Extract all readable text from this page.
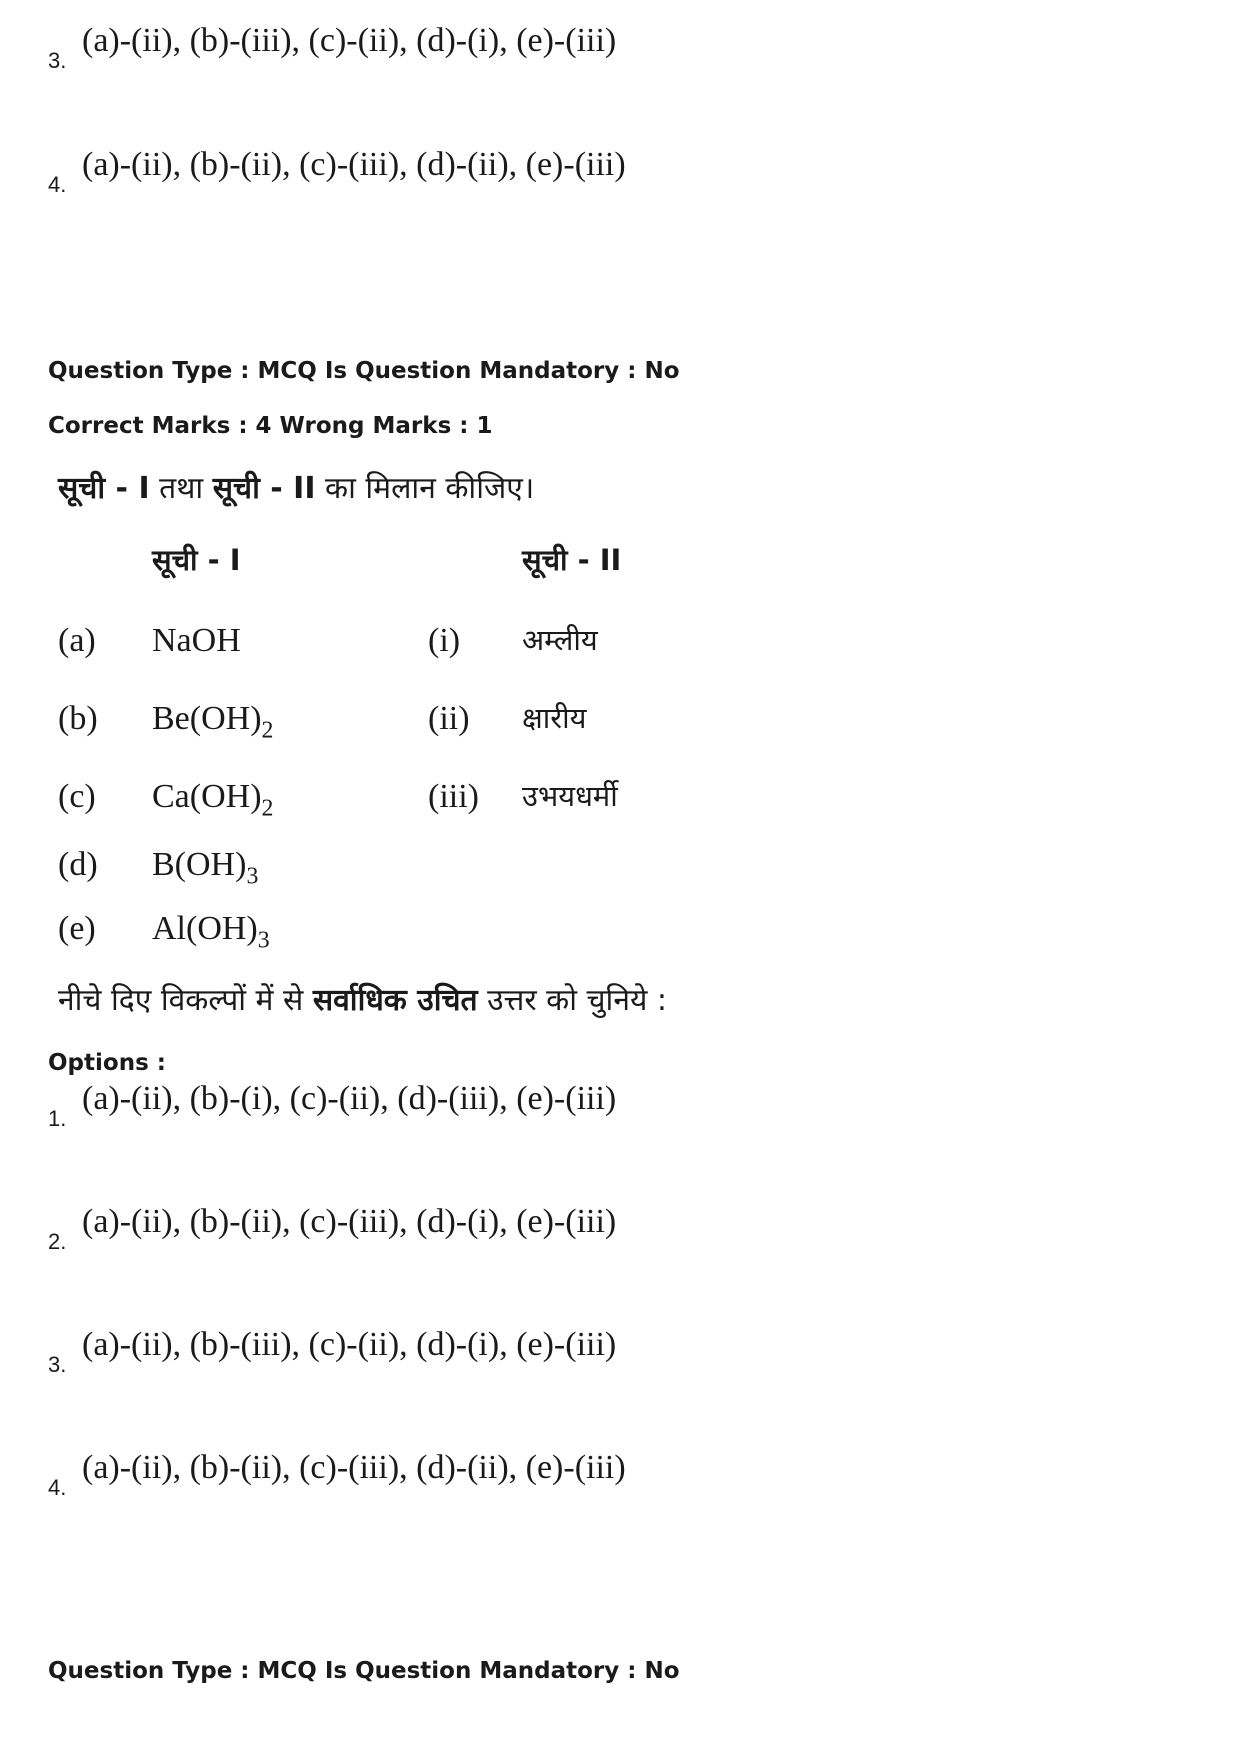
3.
(a)-(ii), (b)-(iii), (c)-(ii), (d)-(i), (e)-(iii)
4.
(a)-(ii), (b)-(ii), (c)-(iii), (d)-(ii), (e)-(iii)
Question Type : MCQ Is Question Mandatory : No
Correct Marks : 4 Wrong Marks : 1
सूची - I तथा सूची - II का मिलान कीजिए।
सूची - I	सूची - II
(a) NaOH
(b) $Be(OH)_2$
(c) $Ca(OH)_2$
(d) $B(OH)_3$
(e) $Al(OH)_3$
(i) अम्लीय
(ii) क्षारीय
(iii) उभयधर्मी
नीचे दिए विकल्पों में से सर्वाधिक उचित उत्तर को चुनिये :
Options :
1.
(a)-(ii), (b)-(i), (c)-(ii), (d)-(iii), (e)-(iii)
2.
(a)-(ii), (b)-(ii), (c)-(iii), (d)-(i), (e)-(iii)
3.
(a)-(ii), (b)-(iii), (c)-(ii), (d)-(i), (e)-(iii)
4.
(a)-(ii), (b)-(ii), (c)-(iii), (d)-(ii), (e)-(iii)
Question Type : MCQ Is Question Mandatory : No
